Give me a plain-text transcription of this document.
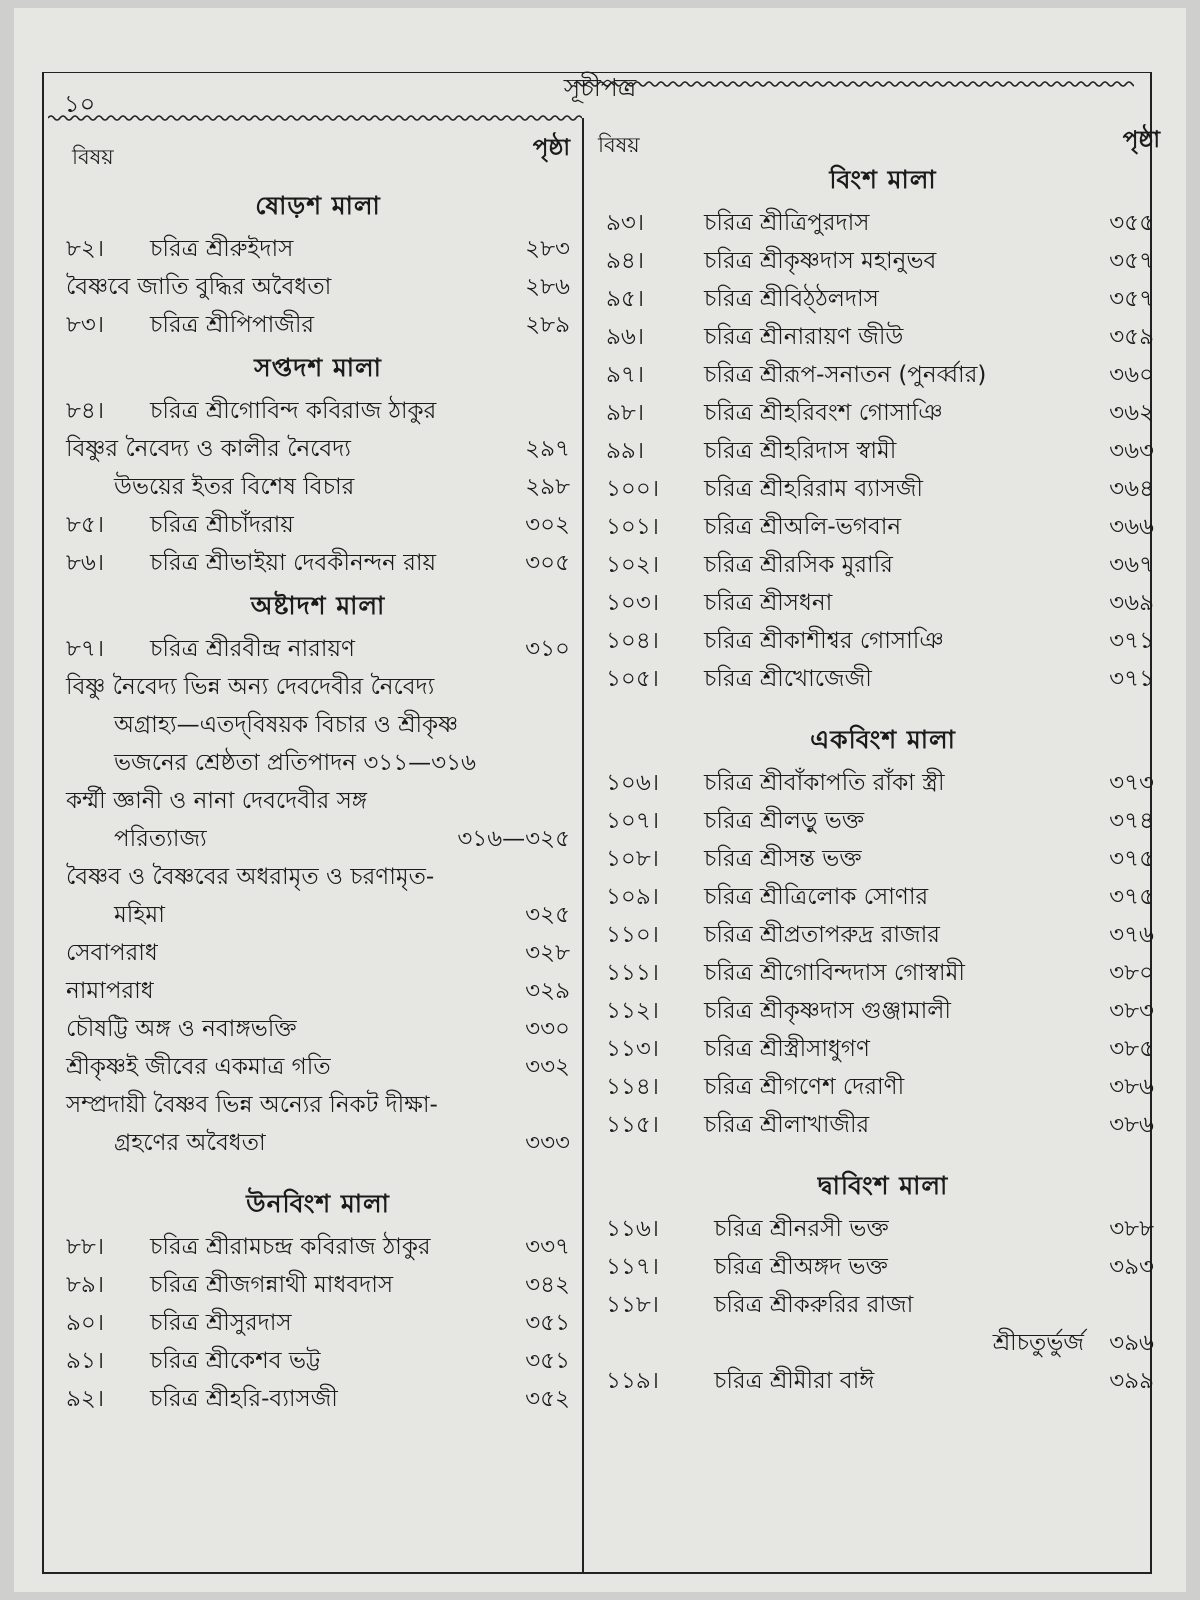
১০
সূচীপত্র
বিষয়	পৃষ্ঠা
ষোড়শ মালা
৮২।	চরিত্র শ্রীরুইদাস	২৮৩
বৈষ্ণবে জাতি বুদ্ধির অবৈধতা	২৮৬
৮৩।	চরিত্র শ্রীপিপাজীর	২৮৯
সপ্তদশ মালা
৮৪।	চরিত্র শ্রীগোবিন্দ কবিরাজ ঠাকুর
বিষ্ণুর নৈবেদ্য ও কালীর নৈবেদ্য	২৯৭
উভয়ের ইতর বিশেষ বিচার	২৯৮
৮৫।	চরিত্র শ্রীচাঁদরায়	৩০২
৮৬।	চরিত্র শ্রীভাইয়া দেবকীনন্দন রায়	৩০৫
অষ্টাদশ মালা
৮৭।	চরিত্র শ্রীরবীন্দ্র নারায়ণ	৩১০
বিষ্ণু নৈবেদ্য ভিন্ন অন্য দেবদেবীর নৈবেদ্য
অগ্রাহ্য—এতদ্‌বিষয়ক বিচার ও শ্রীকৃষ্ণ
ভজনের শ্রেষ্ঠতা প্রতিপাদন ৩১১—৩১৬
কর্ম্মী জ্ঞানী ও নানা দেবদেবীর সঙ্গ
পরিত্যাজ্য	৩১৬—৩২৫
বৈষ্ণব ও বৈষ্ণবের অধরামৃত ও চরণামৃত-
মহিমা	৩২৫
সেবাপরাধ	৩২৮
নামাপরাধ	৩২৯
চৌষট্টি অঙ্গ ও নবাঙ্গভক্তি	৩৩০
শ্রীকৃষ্ণই জীবের একমাত্র গতি	৩৩২
সম্প্রদায়ী বৈষ্ণব ভিন্ন অন্যের নিকট দীক্ষা-
গ্রহণের অবৈধতা	৩৩৩
উনবিংশ মালা
৮৮।	চরিত্র শ্রীরামচন্দ্র কবিরাজ ঠাকুর	৩৩৭
৮৯।	চরিত্র শ্রীজগন্নাথী মাধবদাস	৩৪২
৯০।	চরিত্র শ্রীসুরদাস	৩৫১
৯১।	চরিত্র শ্রীকেশব ভট্ট	৩৫১
৯২।	চরিত্র শ্রীহরি-ব্যাসজী	৩৫২
বিষয়	পৃষ্ঠা
বিংশ মালা
৯৩।	চরিত্র শ্রীত্রিপুরদাস	৩৫৫
৯৪।	চরিত্র শ্রীকৃষ্ণদাস মহানুভব	৩৫৭
৯৫।	চরিত্র শ্রীবিঠ্‌ঠলদাস	৩৫৭
৯৬।	চরিত্র শ্রীনারায়ণ জীউ	৩৫৯
৯৭।	চরিত্র শ্রীরূপ-সনাতন (পুনর্ব্বার)	৩৬০
৯৮।	চরিত্র শ্রীহরিবংশ গোসাঞি	৩৬২
৯৯।	চরিত্র শ্রীহরিদাস স্বামী	৩৬৩
১০০।	চরিত্র শ্রীহরিরাম ব্যাসজী	৩৬৪
১০১।	চরিত্র শ্রীঅলি-ভগবান	৩৬৬
১০২।	চরিত্র শ্রীরসিক মুরারি	৩৬৭
১০৩।	চরিত্র শ্রীসধনা	৩৬৯
১০৪।	চরিত্র শ্রীকাশীশ্বর গোসাঞি	৩৭১
১০৫।	চরিত্র শ্রীখোজেজী	৩৭১
একবিংশ মালা
১০৬।	চরিত্র শ্রীবাঁকাপতি রাঁকা স্ত্রী	৩৭৩
১০৭।	চরিত্র শ্রীলড়ু ভক্ত	৩৭৪
১০৮।	চরিত্র শ্রীসন্ত ভক্ত	৩৭৫
১০৯।	চরিত্র শ্রীত্রিলোক সোণার	৩৭৫
১১০।	চরিত্র শ্রীপ্রতাপরুদ্র রাজার	৩৭৬
১১১।	চরিত্র শ্রীগোবিন্দদাস গোস্বামী	৩৮০
১১২।	চরিত্র শ্রীকৃষ্ণদাস গুঞ্জামালী	৩৮৩
১১৩।	চরিত্র শ্রীস্ত্রীসাধুগণ	৩৮৫
১১৪।	চরিত্র শ্রীগণেশ দেরাণী	৩৮৬
১১৫।	চরিত্র শ্রীলাখাজীর	৩৮৬
দ্বাবিংশ মালা
১১৬।	চরিত্র শ্রীনরসী ভক্ত	৩৮৮
১১৭।	চরিত্র শ্রীঅঙ্গদ ভক্ত	৩৯৩
১১৮।	চরিত্র শ্রীকরুরির রাজা
শ্রীচতুর্ভুর্জ ৩৯৬
১১৯।	চরিত্র শ্রীমীরা বাঈ	৩৯৯
